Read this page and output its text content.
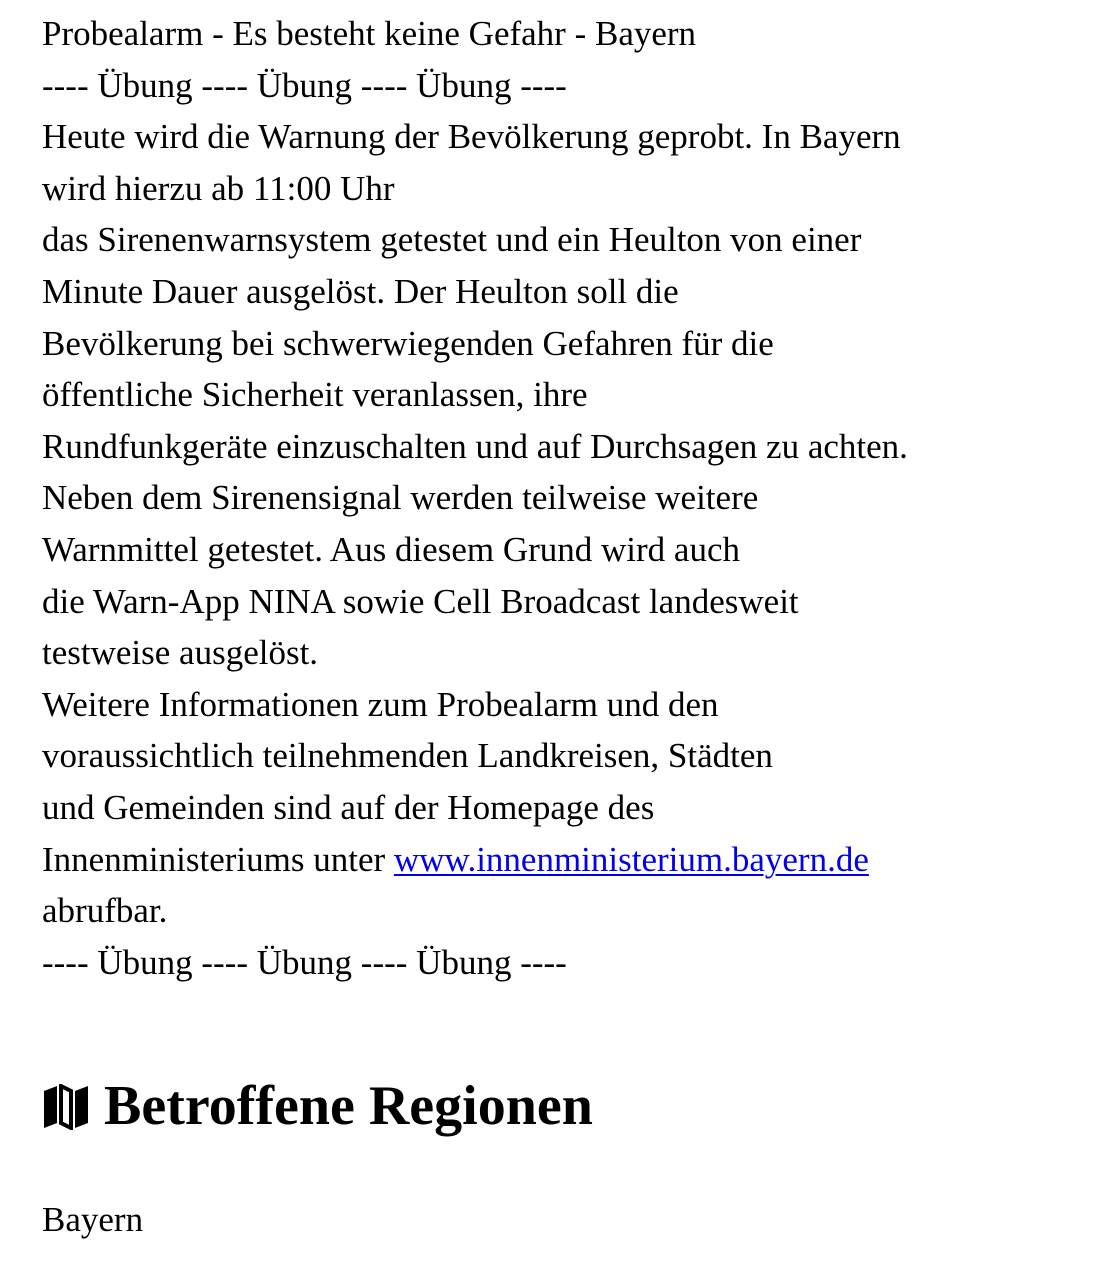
Probealarm - Es besteht keine Gefahr - Bayern
---- Übung ---- Übung ---- Übung ----
Heute wird die Warnung der Bevölkerung geprobt. In Bayern
wird hierzu ab 11:00 Uhr
das Sirenenwarnsystem getestet und ein Heulton von einer
Minute Dauer ausgelöst. Der Heulton soll die
Bevölkerung bei schwerwiegenden Gefahren für die
öffentliche Sicherheit veranlassen, ihre
Rundfunkgeräte einzuschalten und auf Durchsagen zu achten.
Neben dem Sirenensignal werden teilweise weitere
Warnmittel getestet. Aus diesem Grund wird auch
die Warn-App NINA sowie Cell Broadcast landesweit
testweise ausgelöst.
Weitere Informationen zum Probealarm und den
voraussichtlich teilnehmenden Landkreisen, Städten
und Gemeinden sind auf der Homepage des
Innenministeriums unter www.innenministerium.bayern.de
abrufbar.
---- Übung ---- Übung ---- Übung ----
Betroffene Regionen
Bayern
